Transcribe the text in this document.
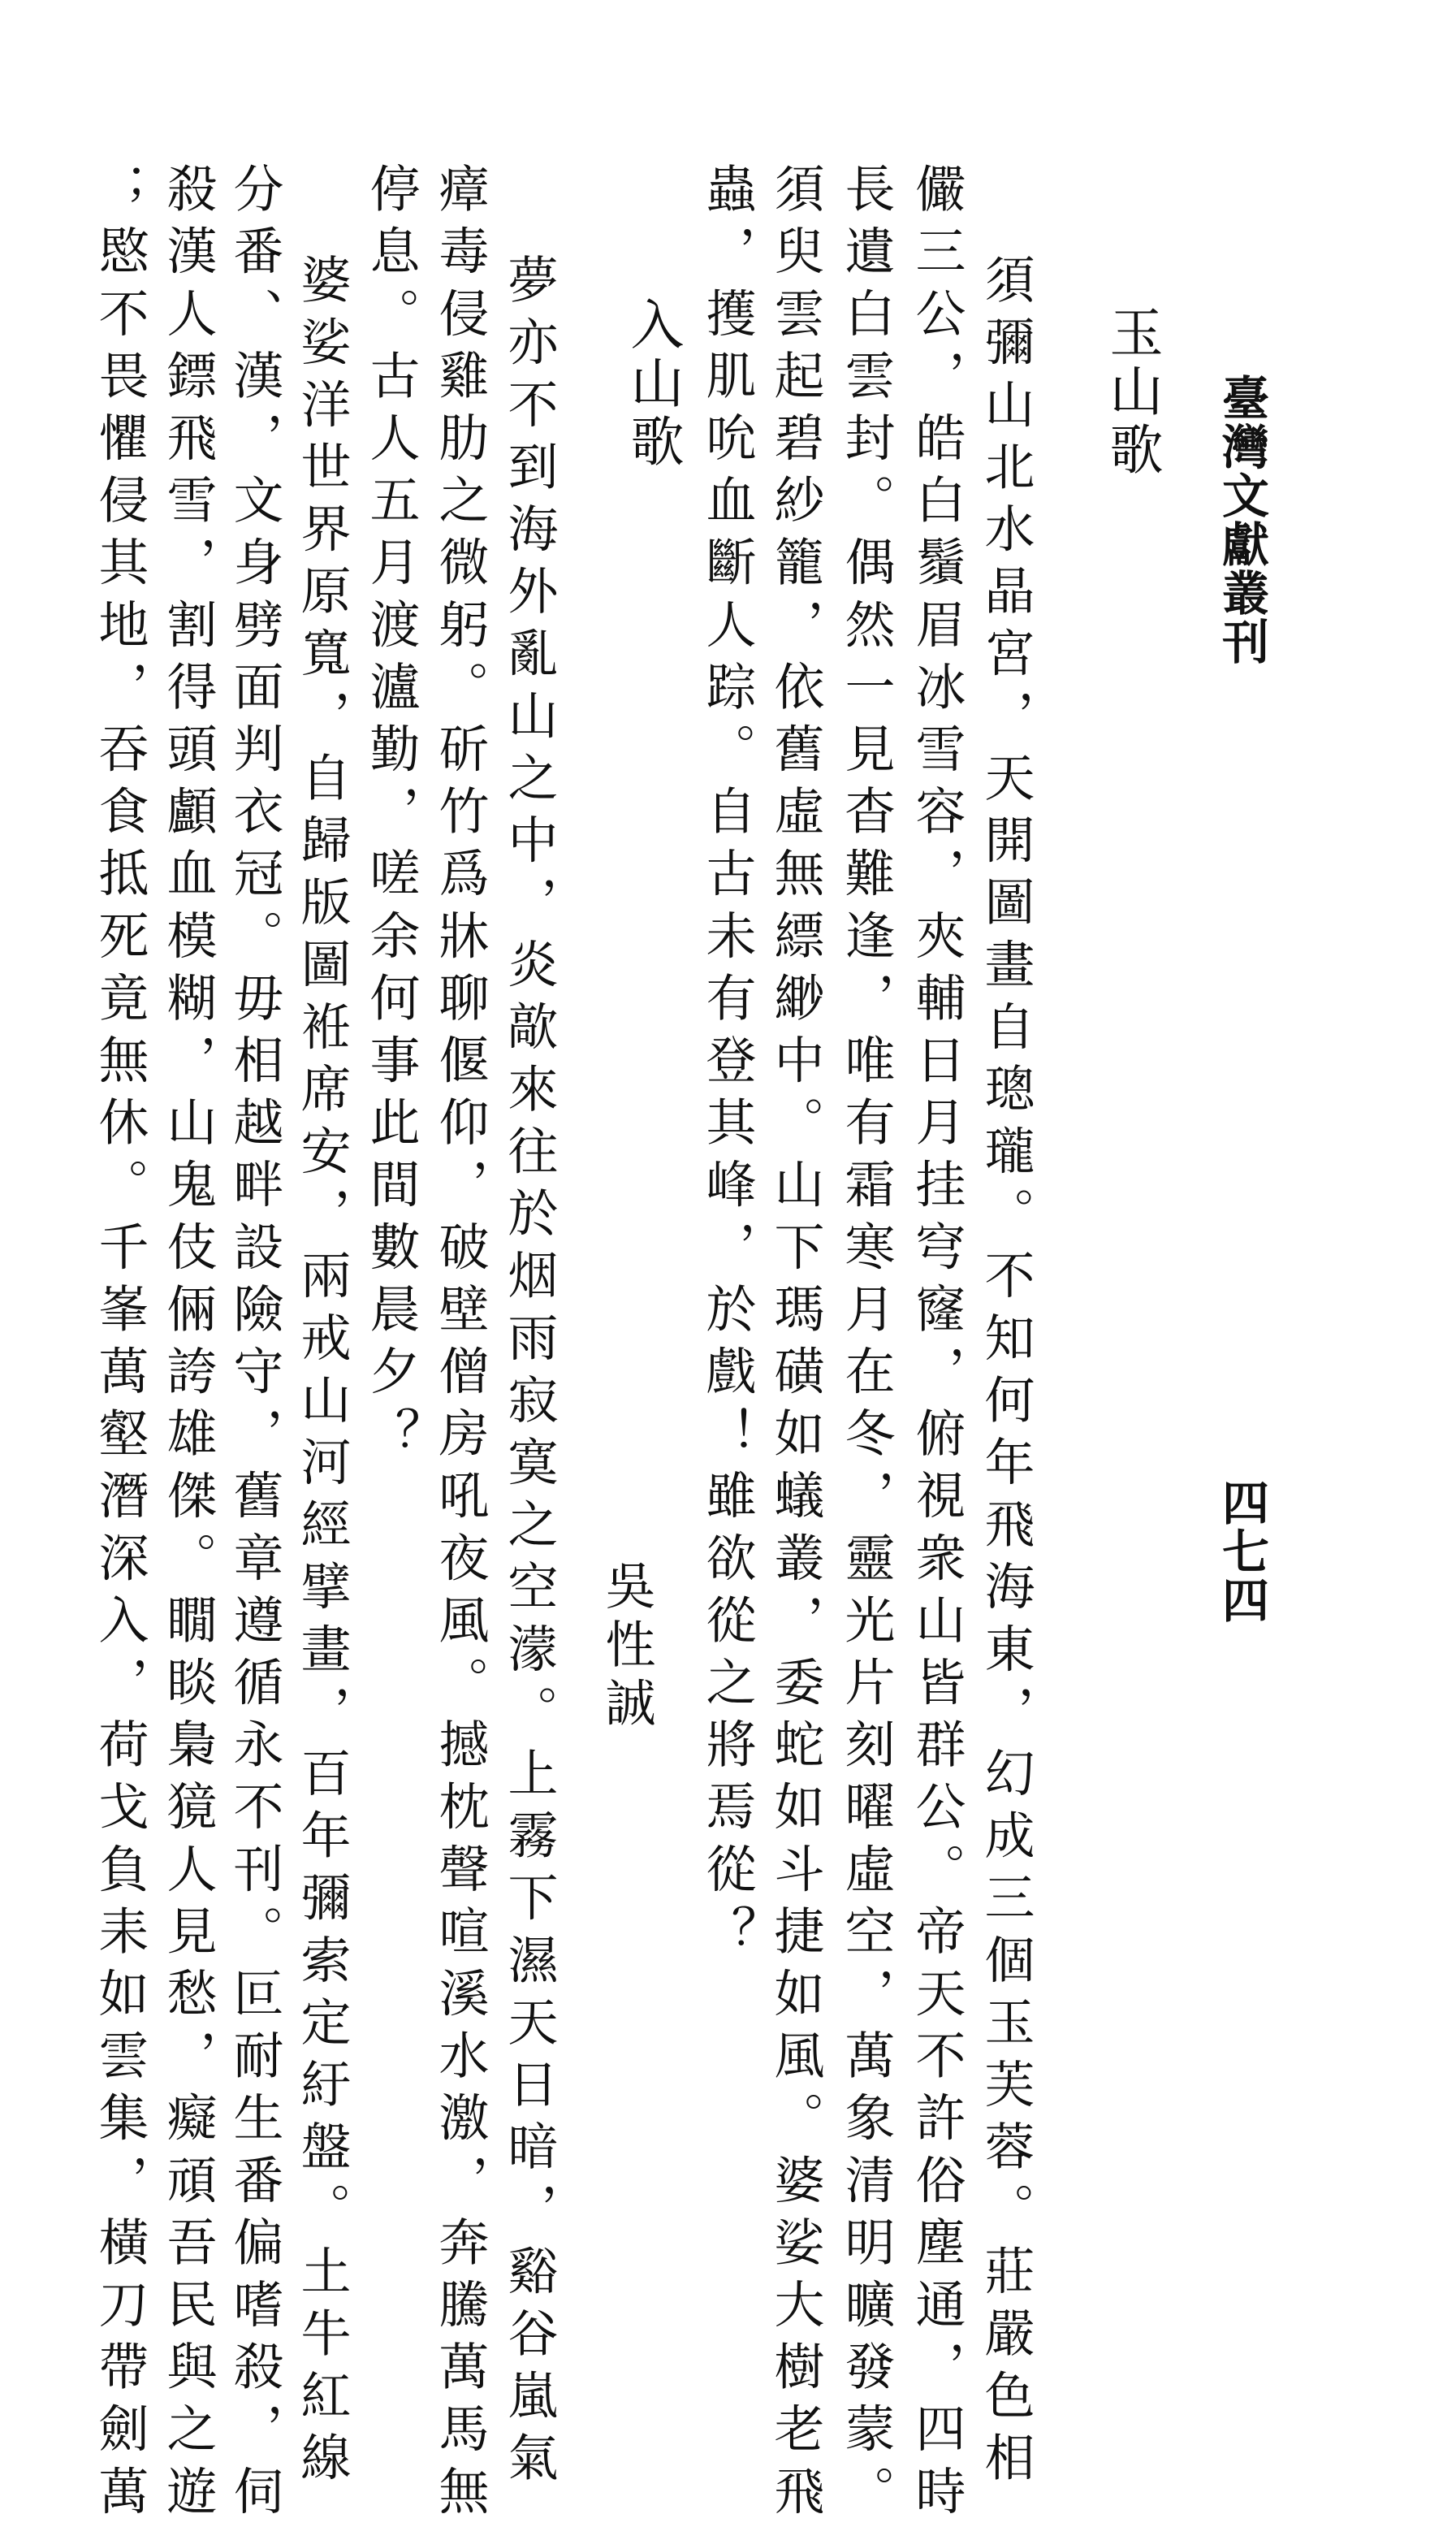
臺灣文獻叢刊
四七四
玉山歌
須彌山北水晶宮，天開圖畫自璁瓏。不知何年飛海東，幻成三個玉芙蓉。莊嚴色相
儼三公，皓白鬚眉冰雪容，夾輔日月挂穹窿，俯視衆山皆群公。帝天不許俗塵通，四時
長遺白雲封。偶然一見杳難逢，唯有霜寒月在冬，靈光片刻曜虛空，萬象清明曠發蒙。
須臾雲起碧紗籠，依舊虛無縹緲中。山下瑪磺如蟻叢，委蛇如斗捷如風。婆娑大樹老飛
蟲，擭肌吮血斷人踪。自古未有登其峰，於戲！雖欲從之將焉從？
入山歌
吳性誠
夢亦不到海外亂山之中，炎歊來往於烟雨寂寞之空濛。上霧下濕天日暗，谿谷嵐氣
瘴毒侵雞肋之微躬。斫竹爲牀聊偃仰，破壁僧房吼夜風。撼枕聲喧溪水激，奔騰萬馬無
停息。古人五月渡瀘勤，嗟余何事此間數晨夕？
婆娑洋世界原寬，自歸版圖袵席安，兩戒山河經擘畫，百年彌索定紆盤。土牛紅線
分番、漢，文身劈面判衣冠。毋相越畔設險守，舊章遵循永不刊。叵耐生番偏嗜殺，伺
殺漢人鏢飛雪，割得頭顱血模糊，山鬼伎倆誇雄傑。瞯睒梟獍人見愁，癡頑吾民與之遊
；愍不畏懼侵其地，吞食抵死竟無休。千峯萬壑潛深入，荷戈負耒如雲集，橫刀帶劍萬
